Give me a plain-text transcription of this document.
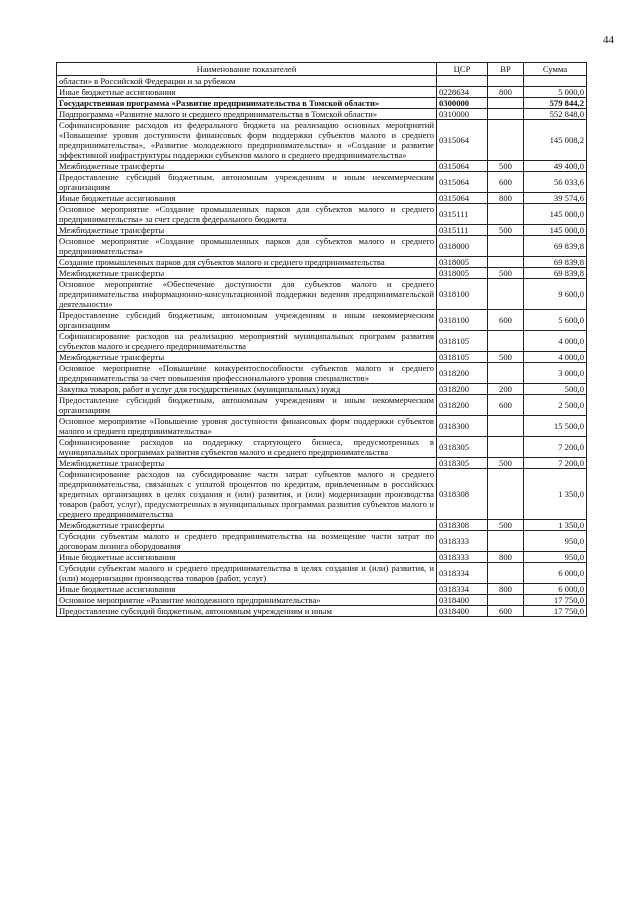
44
Наименование показателей	ЦСР	ВР	Сумма
области» в Российской Федерации и за рубежом			
Иные бюджетные ассигнования	0228634	800	5 000,0
Государственная программа «Развитие предпринимательства в Томской области»	0300000		579 844,2
Подпрограмма «Развитие малого и среднего предпринимательства в Томской области»	0310000		552 848,0
Софинансирование расходов из федерального бюджета на реализацию основных мероприятий «Повышение уровня доступности финансовых форм поддержки субъектов малого и среднего предпринимательства», «Развитие молодежного предпринимательства» и «Создание и развитие эффективной инфраструктуры поддержки субъектов малого и среднего предпринимательства»	0315064		145 008,2
Межбюджетные трансферты	0315064	500	49 400,0
Предоставление субсидий бюджетным, автономным учреждениям и иным некоммерческим организациям	0315064	600	56 033,6
Иные бюджетные ассигнования	0315064	800	39 574,6
Основное мероприятие «Создание промышленных парков для субъектов малого и среднего предпринимательства» за счет средств федерального бюджета	0315111		145 000,0
Межбюджетные трансферты	0315111	500	145 000,0
Основное мероприятие «Создание промышленных парков для субъектов малого и среднего предпринимательства»	0318000		69 839,8
Создание промышленных парков для субъектов малого и среднего предпринимательства	0318005		69 839,8
Межбюджетные трансферты	0318005	500	69 839,8
Основное мероприятие «Обеспечение доступности для субъектов малого и среднего предпринимательства информационно-консультационной поддержки ведения предпринимательской деятельности»	0318100		9 600,0
Предоставление субсидий бюджетным, автономным учреждениям и иным некоммерческим организациям	0318100	600	5 600,0
Софинансирование расходов на реализацию мероприятий муниципальных программ развития субъектов малого и среднего предпринимательства	0318105		4 000,0
Межбюджетные трансферты	0318105	500	4 000,0
Основное мероприятие «Повышение конкурентоспособности субъектов малого и среднего предпринимательства за счет повышения профессионального уровня специалистов»	0318200		3 000,0
Закупка товаров, работ и услуг для государственных (муниципальных) нужд	0318200	200	500,0
Предоставление субсидий бюджетным, автономным учреждениям и иным некоммерческим организациям	0318200	600	2 500,0
Основное мероприятие «Повышение уровня доступности финансовых форм поддержки субъектов малого и среднего предпринимательства»	0318300		15 500,0
Софинансирование расходов на поддержку стартующего бизнеса, предусмотренных в муниципальных программах развития субъектов малого и среднего предпринимательства	0318305		7 200,0
Межбюджетные трансферты	0318305	500	7 200,0
Софинансирование расходов на субсидирование части затрат субъектов малого и среднего предпринимательства, связанных с уплатой процентов по кредитам, привлеченным в российских кредитных организациях в целях создания и (или) развития, и (или) модернизации производства товаров (работ, услуг), предусмотренных в муниципальных программах развития субъектов малого и среднего предпринимательства	0318308		1 350,0
Межбюджетные трансферты	0318308	500	1 350,0
Субсидии субъектам малого и среднего предпринимательства на возмещение части затрат по договорам лизинга оборудования	0318333		950,0
Иные бюджетные ассигнования	0318333	800	950,0
Субсидии субъектам малого и среднего предпринимательства в целях создания и (или) развития, и (или) модернизации производства товаров (работ, услуг)	0318334		6 000,0
Иные бюджетные ассигнования	0318334	800	6 000,0
Основное мероприятие «Развитие молодежного предпринимательства»	0318400		17 750,0
Предоставление субсидий бюджетным, автономным учреждениям и иным	0318400	600	17 750,0
